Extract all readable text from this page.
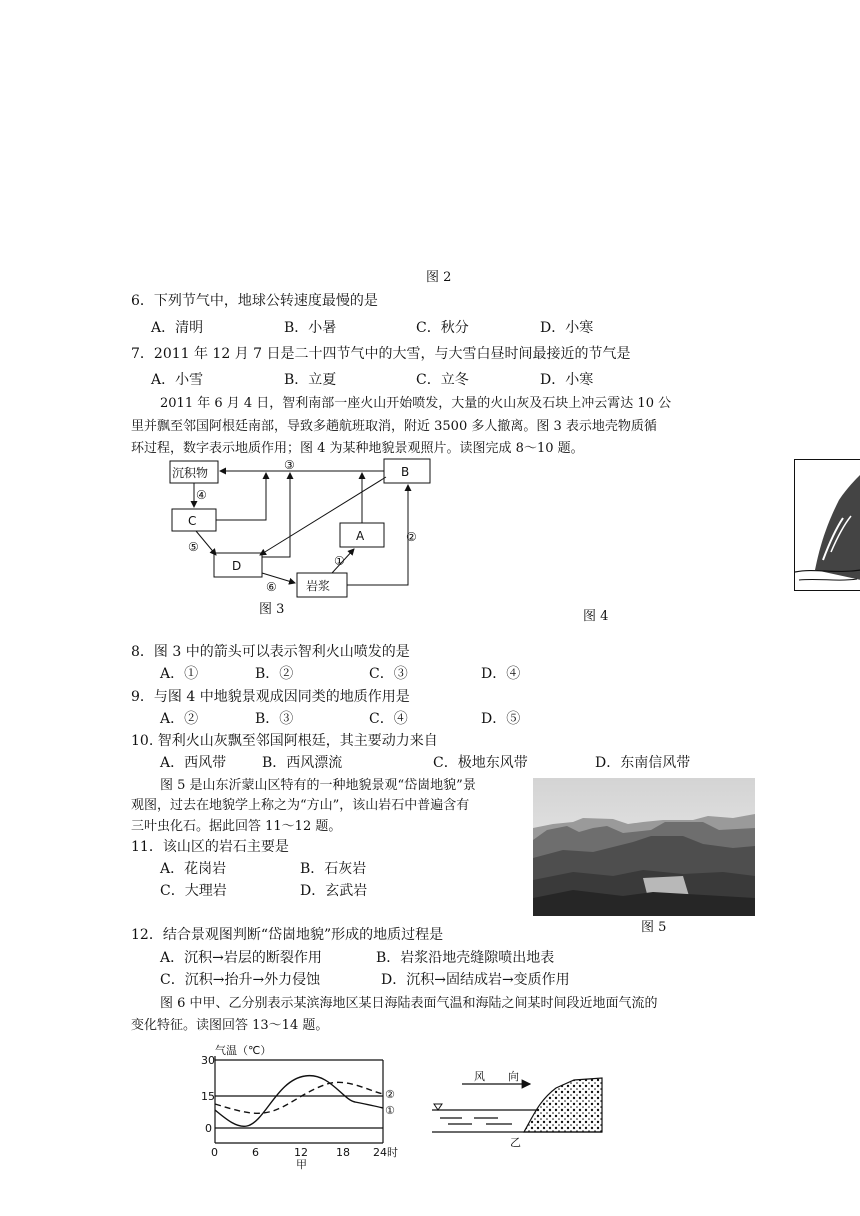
图 2
6．下列节气中，地球公转速度最慢的是
A．清明	B．小暑	C．秋分	D．小寒
7．2011 年 12 月 7 日是二十四节气中的大雪，与大雪白昼时间最接近的节气是
A．小雪	B．立夏	C．立冬	D．小寒
2011 年 6 月 4 日，智利南部一座火山开始喷发，大量的火山灰及石块上冲云霄达 10 公
里并飘至邻国阿根廷南部，导致多趟航班取消，附近 3500 多人撤离。图 3 表示地壳物质循
环过程，数字表示地质作用；图 4 为某种地貌景观照片。读图完成 8～10 题。
沉积物	B
C
A
D
岩浆
①
②
③
④
⑤
⑥
图 3	图 4
8．图 3 中的箭头可以表示智利火山喷发的是
A．①	B．②	C．③	D．④
9．与图 4 中地貌景观成因同类的地质作用是
A．②	B．③	C．④	D．⑤
10. 智利火山灰飘至邻国阿根廷，其主要动力来自
A．西风带	B．西风漂流	C．极地东风带	D．东南信风带
图 5 是山东沂蒙山区特有的一种地貌景观“岱崮地貌”景
观图，过去在地貌学上称之为“方山”，该山岩石中普遍含有
三叶虫化石。据此回答 11～12 题。
11．该山区的岩石主要是
A．花岗岩	B．石灰岩
C．大理岩	D．玄武岩
图 5
12．结合景观图判断“岱崮地貌”形成的地质过程是
A．沉积→岩层的断裂作用	B．岩浆沿地壳缝隙喷出地表
C．沉积→抬升→外力侵蚀	D．沉积→固结成岩→变质作用
图 6 中甲、乙分别表示某滨海地区某日海陆表面气温和海陆之间某时间段近地面气流的
变化特征。读图回答 13～14 题。
气温（℃）
30
15
0
②
①
0	6	12	18 24时
甲
风 向
乙
